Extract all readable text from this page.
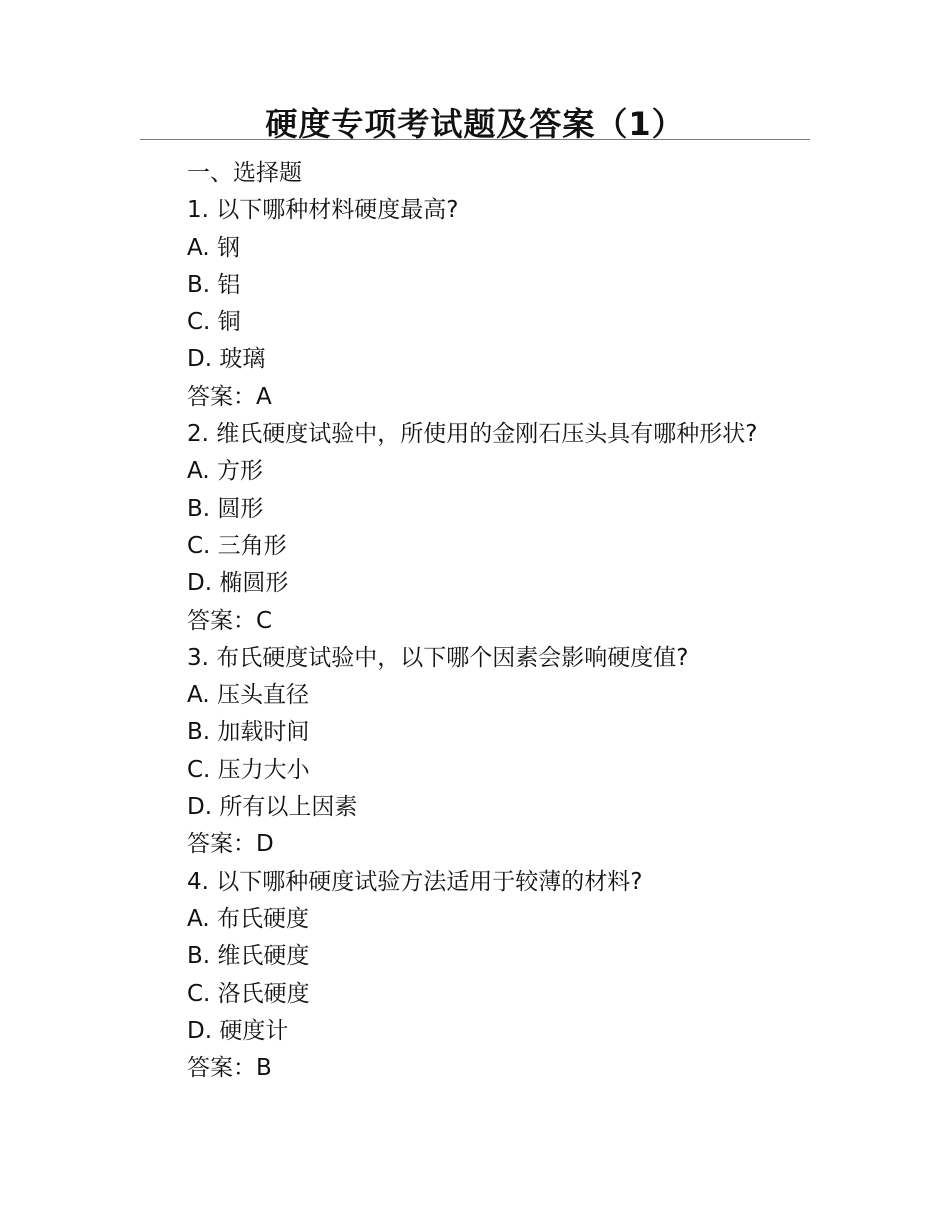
硬度专项考试题及答案（1）
一、选择题
1. 以下哪种材料硬度最高?
A. 钢
B. 铝
C. 铜
D. 玻璃
答案：A
2. 维氏硬度试验中，所使用的金刚石压头具有哪种形状?
A. 方形
B. 圆形
C. 三角形
D. 椭圆形
答案：C
3. 布氏硬度试验中，以下哪个因素会影响硬度值?
A. 压头直径
B. 加载时间
C. 压力大小
D. 所有以上因素
答案：D
4. 以下哪种硬度试验方法适用于较薄的材料?
A. 布氏硬度
B. 维氏硬度
C. 洛氏硬度
D. 硬度计
答案：B
